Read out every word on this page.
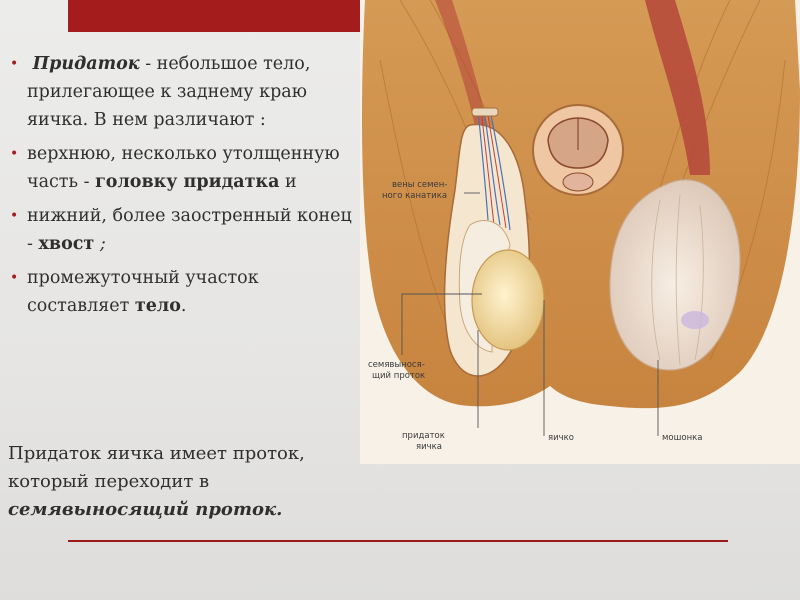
• Придаток - небольшое тело, прилегающее к заднему краю яичка. В нем различают :
• верхнюю, несколько утолщенную часть - головку придатка и
• нижний, более заостренный конец - хвост ;
• промежуточный участок составляет тело.

Придаток яичка имеет проток, который переходит в семявыносящий проток.

вены семен-
ного канатика
семявынося-
щий проток
придаток
яичка
яичко	мошонка
